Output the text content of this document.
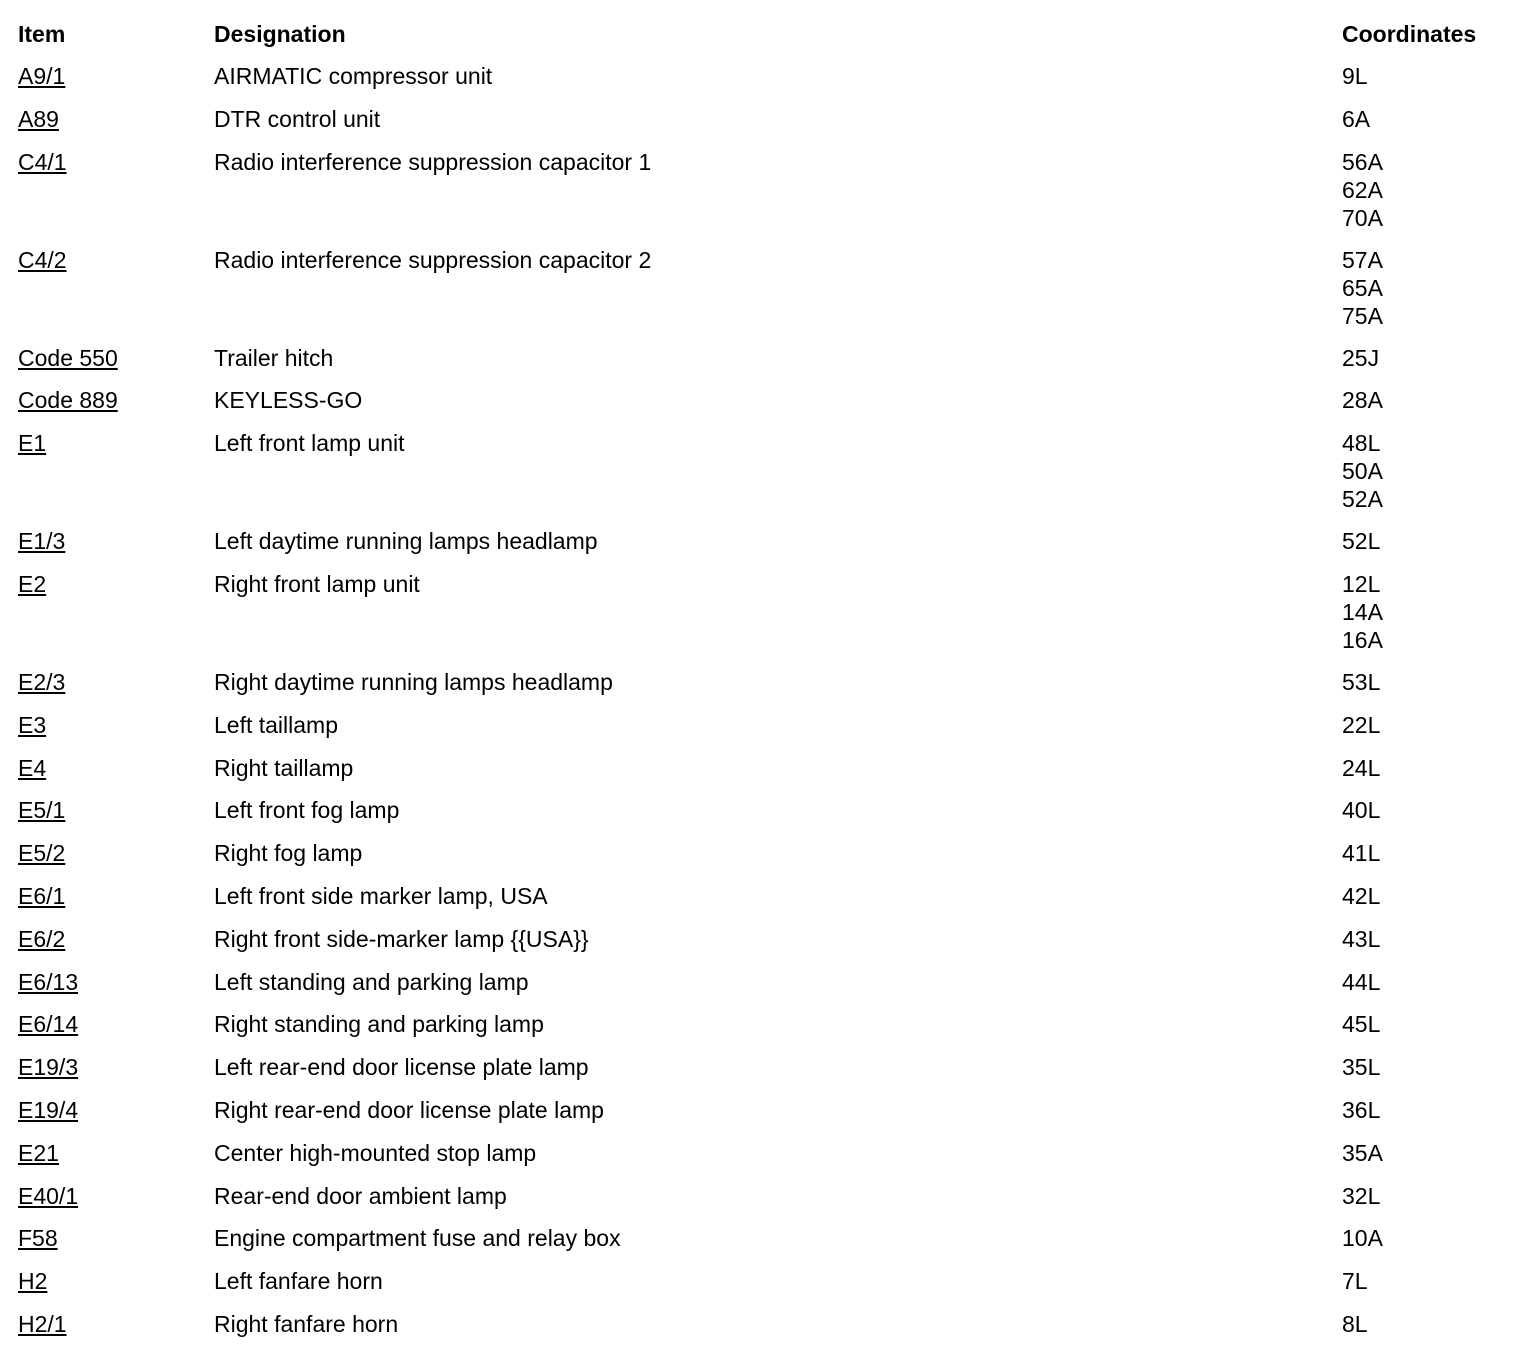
Item	Designation	Coordinates
A9/1	AIRMATIC compressor unit	9L
A89	DTR control unit	6A
C4/1	Radio interference suppression capacitor 1	56A
62A
70A
C4/2	Radio interference suppression capacitor 2	57A
65A
75A
Code 550	Trailer hitch	25J
Code 889	KEYLESS-GO	28A
E1	Left front lamp unit	48L
50A
52A
E1/3	Left daytime running lamps headlamp	52L
E2	Right front lamp unit	12L
14A
16A
E2/3	Right daytime running lamps headlamp	53L
E3	Left taillamp	22L
E4	Right taillamp	24L
E5/1	Left front fog lamp	40L
E5/2	Right fog lamp	41L
E6/1	Left front side marker lamp, USA	42L
E6/2	Right front side-marker lamp {{USA}}	43L
E6/13	Left standing and parking lamp	44L
E6/14	Right standing and parking lamp	45L
E19/3	Left rear-end door license plate lamp	35L
E19/4	Right rear-end door license plate lamp	36L
E21	Center high-mounted stop lamp	35A
E40/1	Rear-end door ambient lamp	32L
F58	Engine compartment fuse and relay box	10A
H2	Left fanfare horn	7L
H2/1	Right fanfare horn	8L
